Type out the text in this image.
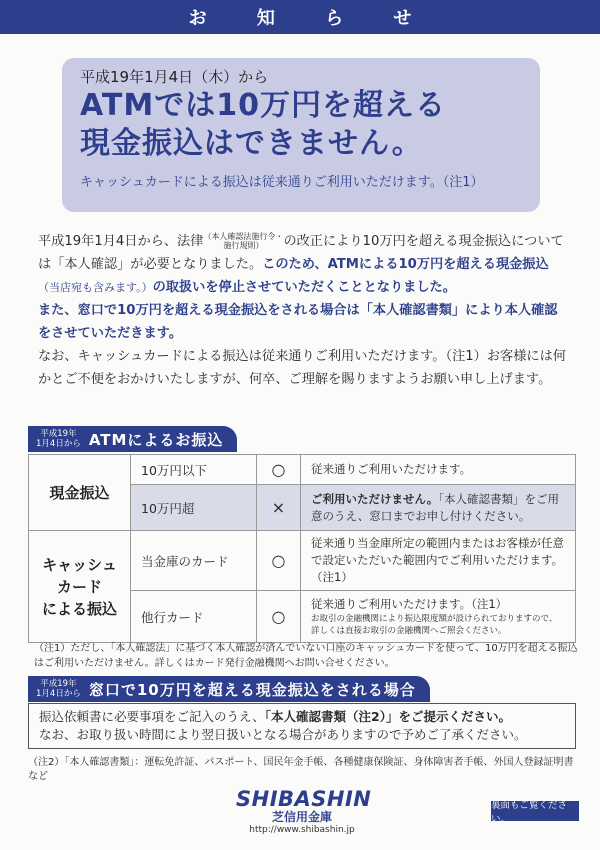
お 知 ら せ
平成19年1月4日（木）から
ATMでは10万円を超える
現金振込はできません。
キャッシュカードによる振込は従来通りご利用いただけます。（注1）

平成19年1月4日から、法律（本人確認法施行令・
施行規則） の改正により10万円を超える現金振込については「本人確認」が必要となりました。このため、ATMによる10万円を超える現金振込（当店宛も含みます。）の取扱いを停止させていただくこととなりました。

また、窓口で10万円を超える現金振込をされる場合は「本人確認書類」により本人確認をさせていただきます。

なお、キャッシュカードによる振込は従来通りご利用いただけます。（注1）お客様には何かとご不便をおかけいたしますが、何卒、ご理解を賜りますようお願い申し上げます。

平成19年
1月4日から ATMによるお振込
現金振込	10万円以下	○	従来通りご利用いただけます。
	10万円超	×	ご利用いただけません。「本人確認書類」をご用意のうえ、窓口までお申し付けください。

キャッシュ
カード
による振込	当金庫のカード	○	従来通り当金庫所定の範囲内またはお客様が任意で設定いただいた範囲内でご利用いただけます。（注1）
	他行カード	○	従来通りご利用いただけます。（注1）
お取引の金融機関により振込限度額が設けられておりますので、詳しくは直接お取引の金融機関へご照会ください。
（注1）ただし、「本人確認法」に基づく本人確認が済んでいない口座のキャッシュカードを使って、10万円を超える振込はご利用いただけません。詳しくはカード発行金融機関へお問い合せください。
平成19年
1月4日から 窓口で10万円を超える現金振込をされる場合
振込依頼書に必要事項をご記入のうえ、「本人確認書類（注2）」をご提示ください。
なお、お取り扱い時間により翌日扱いとなる場合がありますので予めご了承ください。
（注2）「本人確認書類」：運転免許証、パスポート、国民年金手帳、各種健康保険証、身体障害者手帳、外国人登録証明書　など
SHIBASHIN
芝信用金庫
http://www.shibashin.jp
裏面もご覧ください。
